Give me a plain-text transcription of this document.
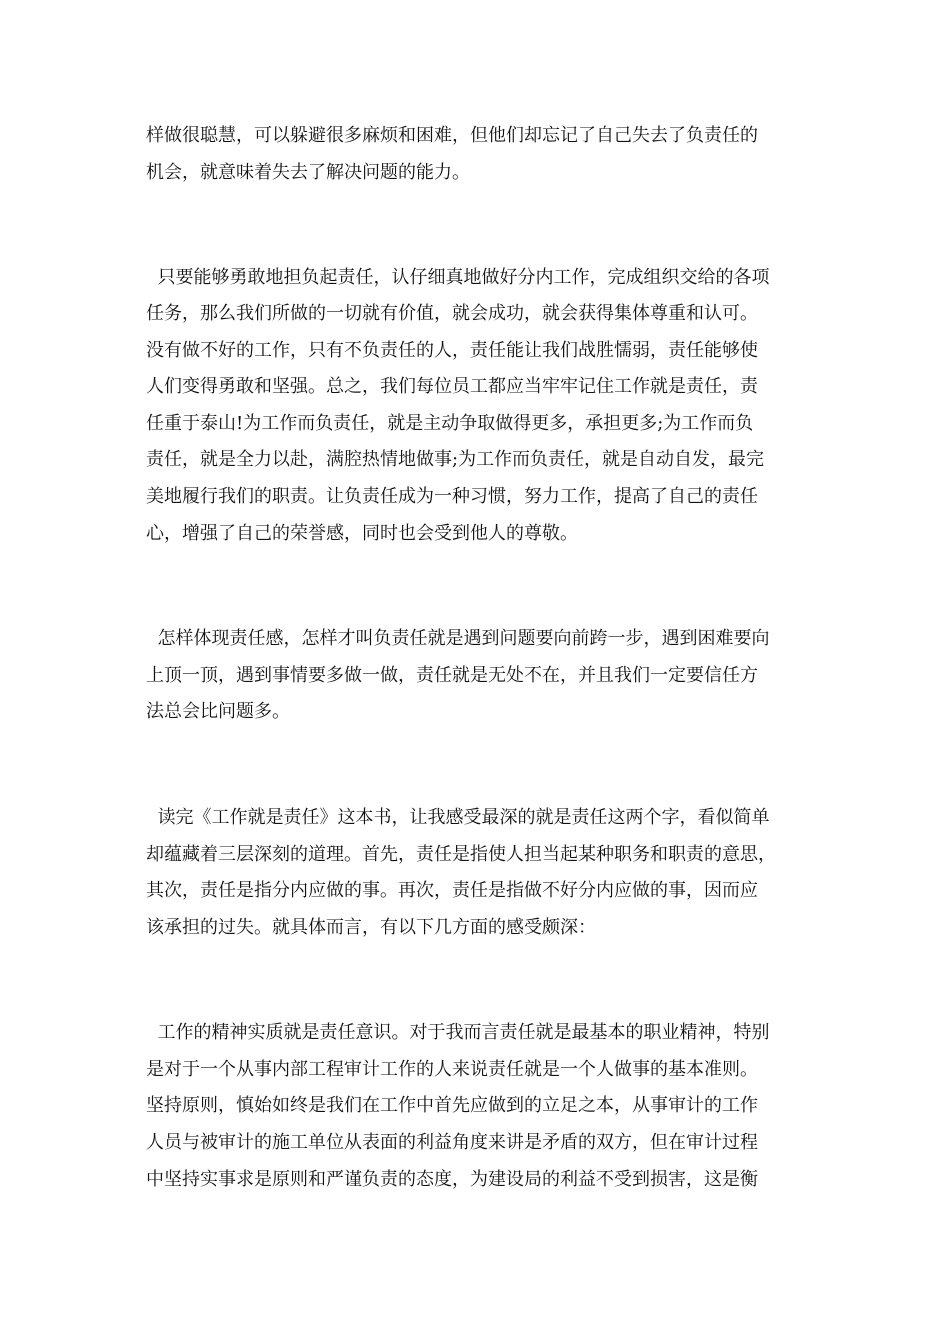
样做很聪慧，可以躲避很多麻烦和困难，但他们却忘记了自己失去了负责任的
机会，就意味着失去了解决问题的能力。
只要能够勇敢地担负起责任，认仔细真地做好分内工作，完成组织交给的各项
任务，那么我们所做的一切就有价值，就会成功，就会获得集体尊重和认可。
没有做不好的工作，只有不负责任的人，责任能让我们战胜懦弱，责任能够使
人们变得勇敢和坚强。总之，我们每位员工都应当牢牢记住工作就是责任，责
任重于泰山!为工作而负责任，就是主动争取做得更多，承担更多;为工作而负
责任，就是全力以赴，满腔热情地做事;为工作而负责任，就是自动自发，最完
美地履行我们的职责。让负责任成为一种习惯，努力工作，提高了自己的责任
心，增强了自己的荣誉感，同时也会受到他人的尊敬。
怎样体现责任感，怎样才叫负责任就是遇到问题要向前跨一步，遇到困难要向
上顶一顶，遇到事情要多做一做，责任就是无处不在，并且我们一定要信任方
法总会比问题多。
读完《工作就是责任》这本书，让我感受最深的就是责任这两个字，看似简单
却蕴藏着三层深刻的道理。首先，责任是指使人担当起某种职务和职责的意思，
其次，责任是指分内应做的事。再次，责任是指做不好分内应做的事，因而应
该承担的过失。就具体而言，有以下几方面的感受颇深：
工作的精神实质就是责任意识。对于我而言责任就是最基本的职业精神，特别
是对于一个从事内部工程审计工作的人来说责任就是一个人做事的基本准则。
坚持原则，慎始如终是我们在工作中首先应做到的立足之本，从事审计的工作
人员与被审计的施工单位从表面的利益角度来讲是矛盾的双方，但在审计过程
中坚持实事求是原则和严谨负责的态度，为建设局的利益不受到损害，这是衡
